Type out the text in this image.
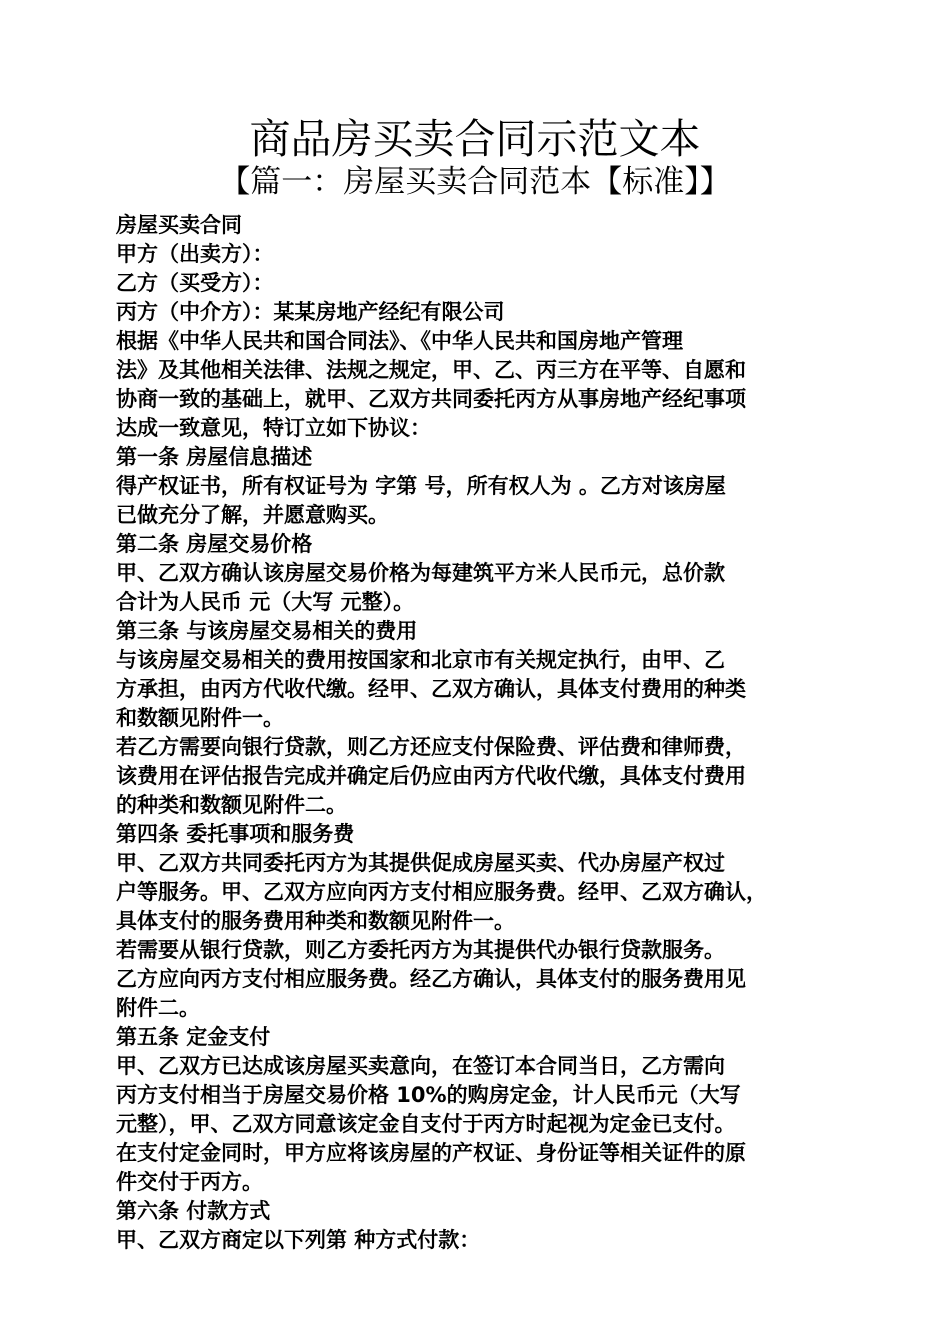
商品房买卖合同示范文本
【篇一：房屋买卖合同范本【标准】】

房屋买卖合同

甲方（出卖方）：

乙方（买受方）：

丙方（中介方）：某某房地产经纪有限公司

根据《中华人民共和国合同法》、《中华人民共和国房地产管理

法》及其他相关法律、法规之规定，甲、乙、丙三方在平等、自愿和

协商一致的基础上，就甲、乙双方共同委托丙方从事房地产经纪事项

达成一致意见，特订立如下协议：

第一条 房屋信息描述

得产权证书，所有权证号为 字第 号，所有权人为 。乙方对该房屋

已做充分了解，并愿意购买。

第二条 房屋交易价格

甲、乙双方确认该房屋交易价格为每建筑平方米人民币元，总价款

合计为人民币 元（大写 元整）。

第三条 与该房屋交易相关的费用

与该房屋交易相关的费用按国家和北京市有关规定执行，由甲、乙

方承担，由丙方代收代缴。经甲、乙双方确认，具体支付费用的种类

和数额见附件一。

若乙方需要向银行贷款，则乙方还应支付保险费、评估费和律师费，

该费用在评估报告完成并确定后仍应由丙方代收代缴，具体支付费用

的种类和数额见附件二。

第四条 委托事项和服务费

甲、乙双方共同委托丙方为其提供促成房屋买卖、代办房屋产权过

户等服务。甲、乙双方应向丙方支付相应服务费。经甲、乙双方确认，

具体支付的服务费用种类和数额见附件一。

若需要从银行贷款，则乙方委托丙方为其提供代办银行贷款服务。

乙方应向丙方支付相应服务费。经乙方确认，具体支付的服务费用见

附件二。

第五条 定金支付

甲、乙双方已达成该房屋买卖意向，在签订本合同当日，乙方需向

丙方支付相当于房屋交易价格 10%的购房定金，计人民币元（大写

元整），甲、乙双方同意该定金自支付于丙方时起视为定金已支付。

在支付定金同时，甲方应将该房屋的产权证、身份证等相关证件的原

件交付于丙方。

第六条 付款方式

甲、乙双方商定以下列第 种方式付款：
